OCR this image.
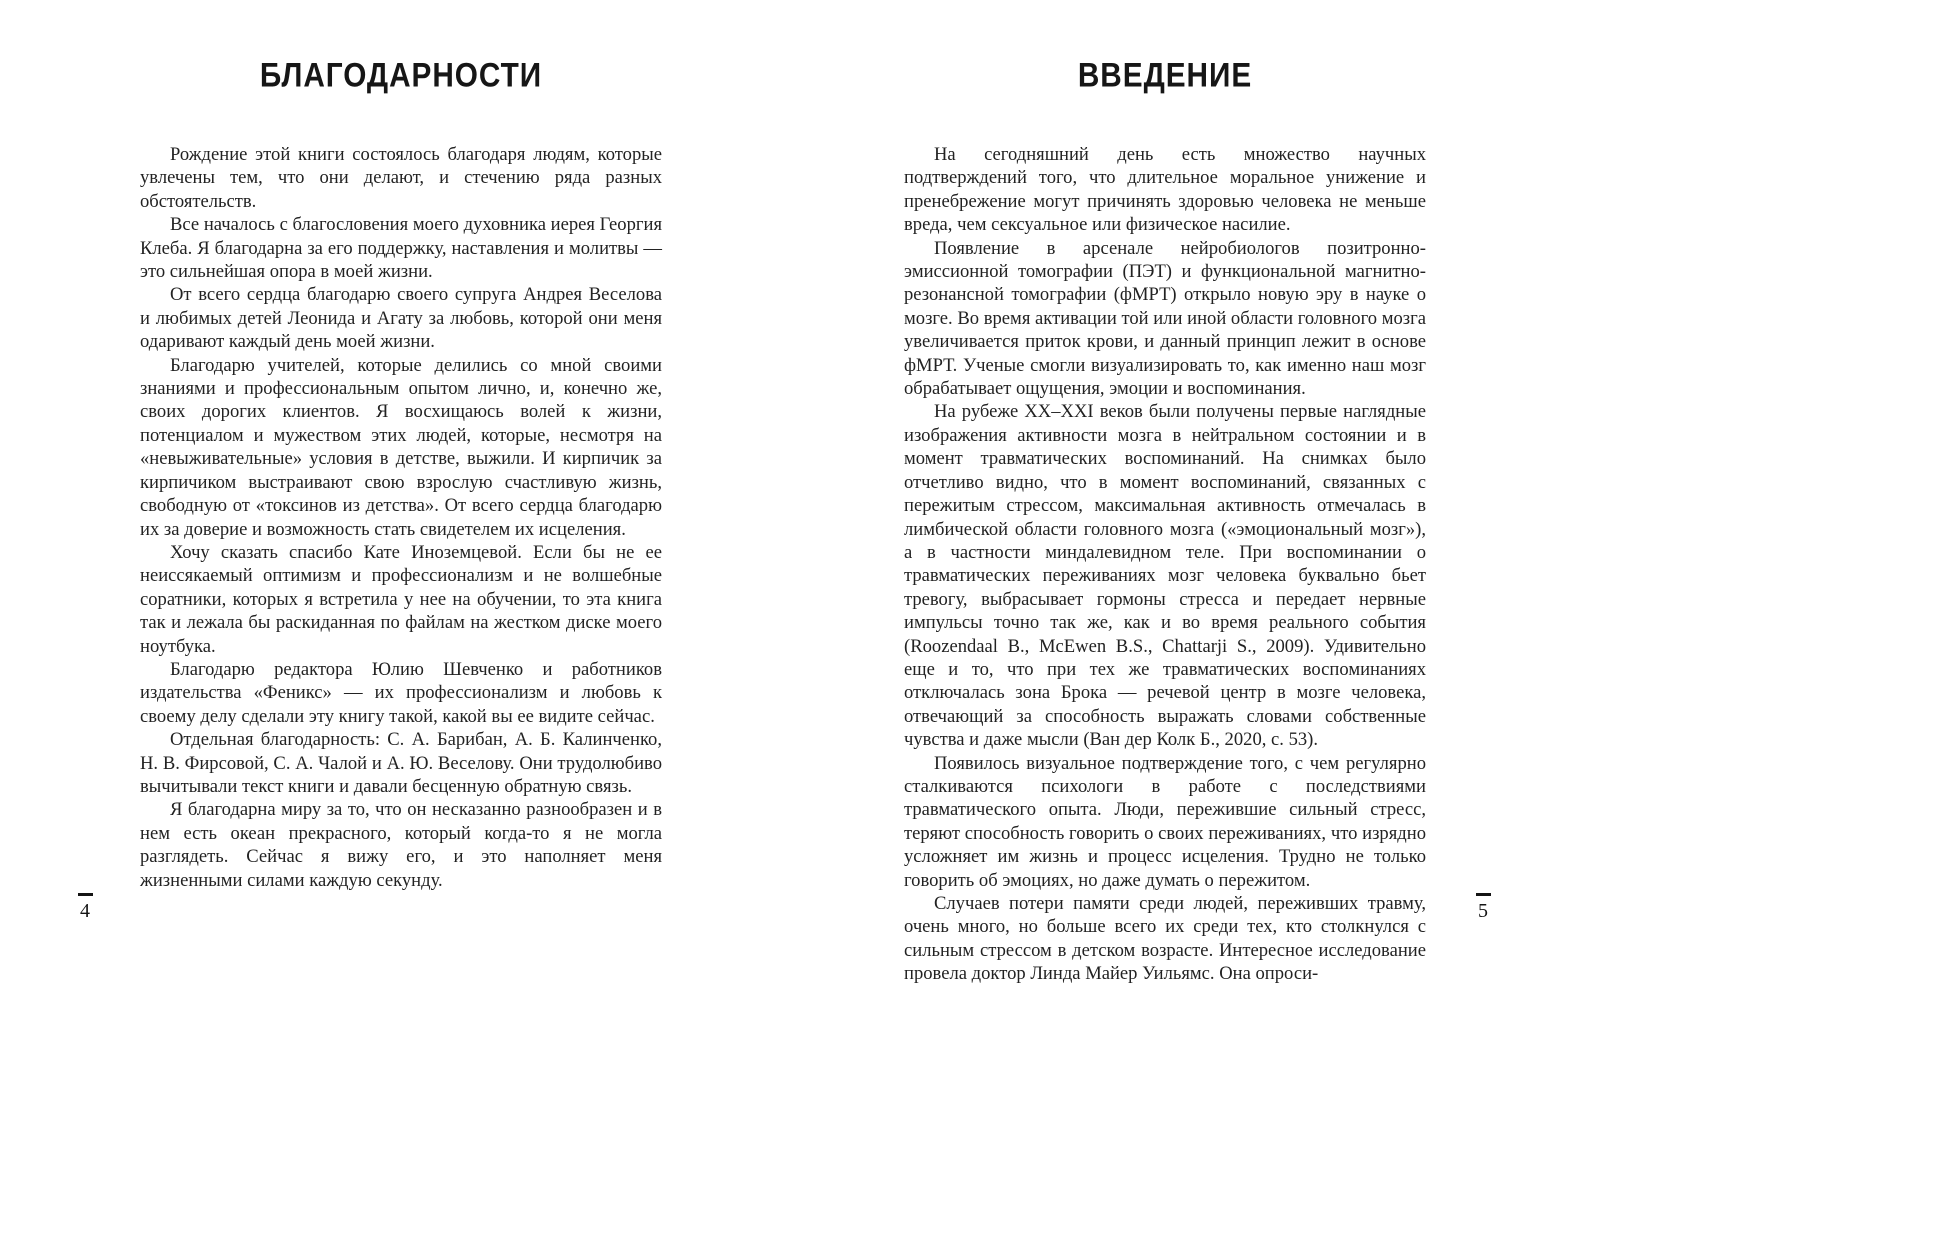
БЛАГОДАРНОСТИ

Рождение этой книги состоялось благодаря людям, которые увлечены тем, что они делают, и стечению ряда разных обстоятельств.

Все началось с благословения моего духовника иерея Георгия Клеба. Я благодарна за его поддержку, наставления и молитвы — это сильнейшая опора в моей жизни.

От всего сердца благодарю своего супруга Андрея Веселова и любимых детей Леонида и Агату за любовь, которой они меня одаривают каждый день моей жизни.

Благодарю учителей, которые делились со мной своими знаниями и профессиональным опытом лично, и, конечно же, своих дорогих клиентов. Я восхищаюсь волей к жизни, потенциалом и мужеством этих людей, которые, несмотря на «невыживательные» условия в детстве, выжили. И кирпичик за кирпичиком выстраивают свою взрослую счастливую жизнь, свободную от «токсинов из детства». От всего сердца благодарю их за доверие и возможность стать свидетелем их исцеления.

Хочу сказать спасибо Кате Иноземцевой. Если бы не ее неиссякаемый оптимизм и профессионализм и не волшебные соратники, которых я встретила у нее на обучении, то эта книга так и лежала бы раскиданная по файлам на жестком диске моего ноутбука.

Благодарю редактора Юлию Шевченко и работников издательства «Феникс» — их профессионализм и любовь к своему делу сделали эту книгу такой, какой вы ее видите сейчас.

Отдельная благодарность: С. А. Барибан, А. Б. Калинченко, Н. В. Фирсовой, С. А. Чалой и А. Ю. Веселову. Они трудолюбиво вычитывали текст книги и давали бесценную обратную связь.

Я благодарна миру за то, что он несказанно разнообразен и в нем есть океан прекрасного, который когда-то я не могла разглядеть. Сейчас я вижу его, и это наполняет меня жизненными силами каждую секунду.

ВВЕДЕНИЕ

На сегодняшний день есть множество научных подтверждений того, что длительное моральное унижение и пренебрежение могут причинять здоровью человека не меньше вреда, чем сексуальное или физическое насилие.

Появление в арсенале нейробиологов позитронно-эмиссионной томографии (ПЭТ) и функциональной магнитно-резонансной томографии (фМРТ) открыло новую эру в науке о мозге. Во время активации той или иной области головного мозга увеличивается приток крови, и данный принцип лежит в основе фМРТ. Ученые смогли визуализировать то, как именно наш мозг обрабатывает ощущения, эмоции и воспоминания.

На рубеже XX–XXI веков были получены первые наглядные изображения активности мозга в нейтральном состоянии и в момент травматических воспоминаний. На снимках было отчетливо видно, что в момент воспоминаний, связанных с пережитым стрессом, максимальная активность отмечалась в лимбической области головного мозга («эмоциональный мозг»), а в частности миндалевидном теле. При воспоминании о травматических переживаниях мозг человека буквально бьет тревогу, выбрасывает гормоны стресса и передает нервные импульсы точно так же, как и во время реального события (Roozendaal B., McEwen B.S., Chattarji S., 2009). Удивительно еще и то, что при тех же травматических воспоминаниях отключалась зона Брока — речевой центр в мозге человека, отвечающий за способность выражать словами собственные чувства и даже мысли (Ван дер Колк Б., 2020, с. 53).

Появилось визуальное подтверждение того, с чем регулярно сталкиваются психологи в работе с последствиями травматического опыта. Люди, пережившие сильный стресс, теряют способность говорить о своих переживаниях, что изрядно усложняет им жизнь и процесс исцеления. Трудно не только говорить об эмоциях, но даже думать о пережитом.

Случаев потери памяти среди людей, переживших травму, очень много, но больше всего их среди тех, кто столкнулся с сильным стрессом в детском возрасте. Интересное исследование провела доктор Линда Майер Уильямс. Она опроси-

4	5
